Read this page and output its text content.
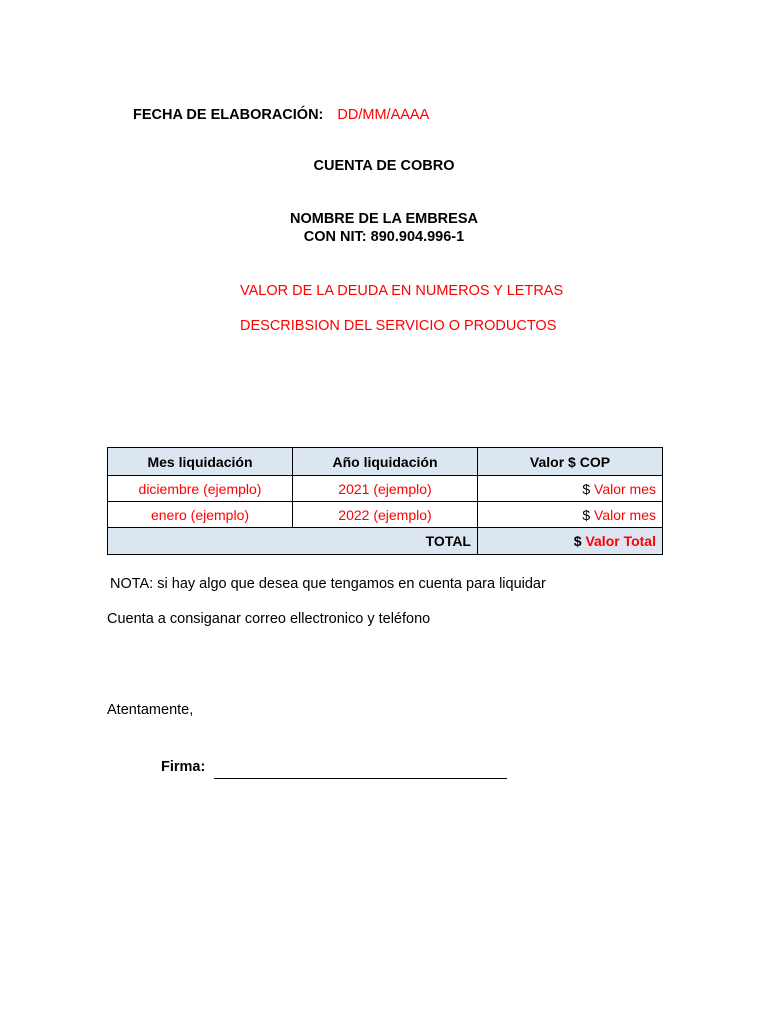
FECHA DE ELABORACIÓN: DD/MM/AAAA
CUENTA DE COBRO
NOMBRE DE LA EMBRESA
CON NIT: 890.904.996-1
VALOR DE LA DEUDA EN NUMEROS Y LETRAS
DESCRIBSION DEL SERVICIO O PRODUCTOS
Mes liquidación	Año liquidación	Valor $ COP
diciembre (ejemplo)	2021 (ejemplo)	$ Valor mes
enero (ejemplo)	2022 (ejemplo)	$ Valor mes
TOTAL		$ Valor Total
NOTA: si hay algo que desea que tengamos en cuenta para liquidar
Cuenta a consiganar correo ellectronico y teléfono
Atentamente,
Firma:
